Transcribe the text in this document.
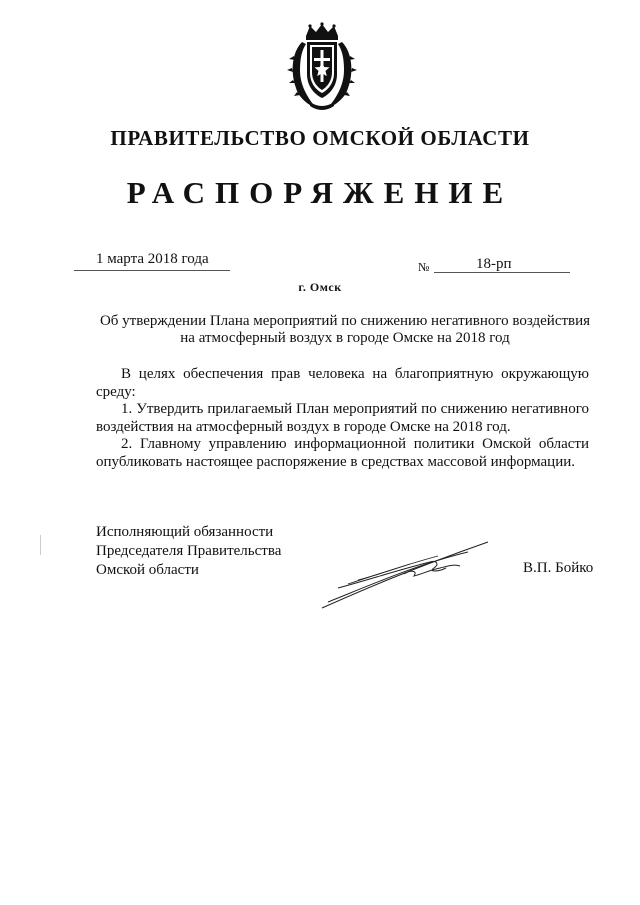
ПРАВИТЕЛЬСТВО ОМСКОЙ ОБЛАСТИ
РАСПОРЯЖЕНИЕ
1 марта 2018 года	№	18-рп
г. Омск
Об утверждении Плана мероприятий по снижению негативного воздействия
на атмосферный воздух в городе Омске на 2018 год

В целях обеспечения прав человека на благоприятную окружающую среду:

1. Утвердить прилагаемый План мероприятий по снижению негативного воздействия на атмосферный воздух в городе Омске на 2018 год.

2. Главному управлению информационной политики Омской области опубликовать настоящее распоряжение в средствах массовой информации.

Исполняющий обязанности
Председателя Правительства
Омской области	В.П. Бойко
